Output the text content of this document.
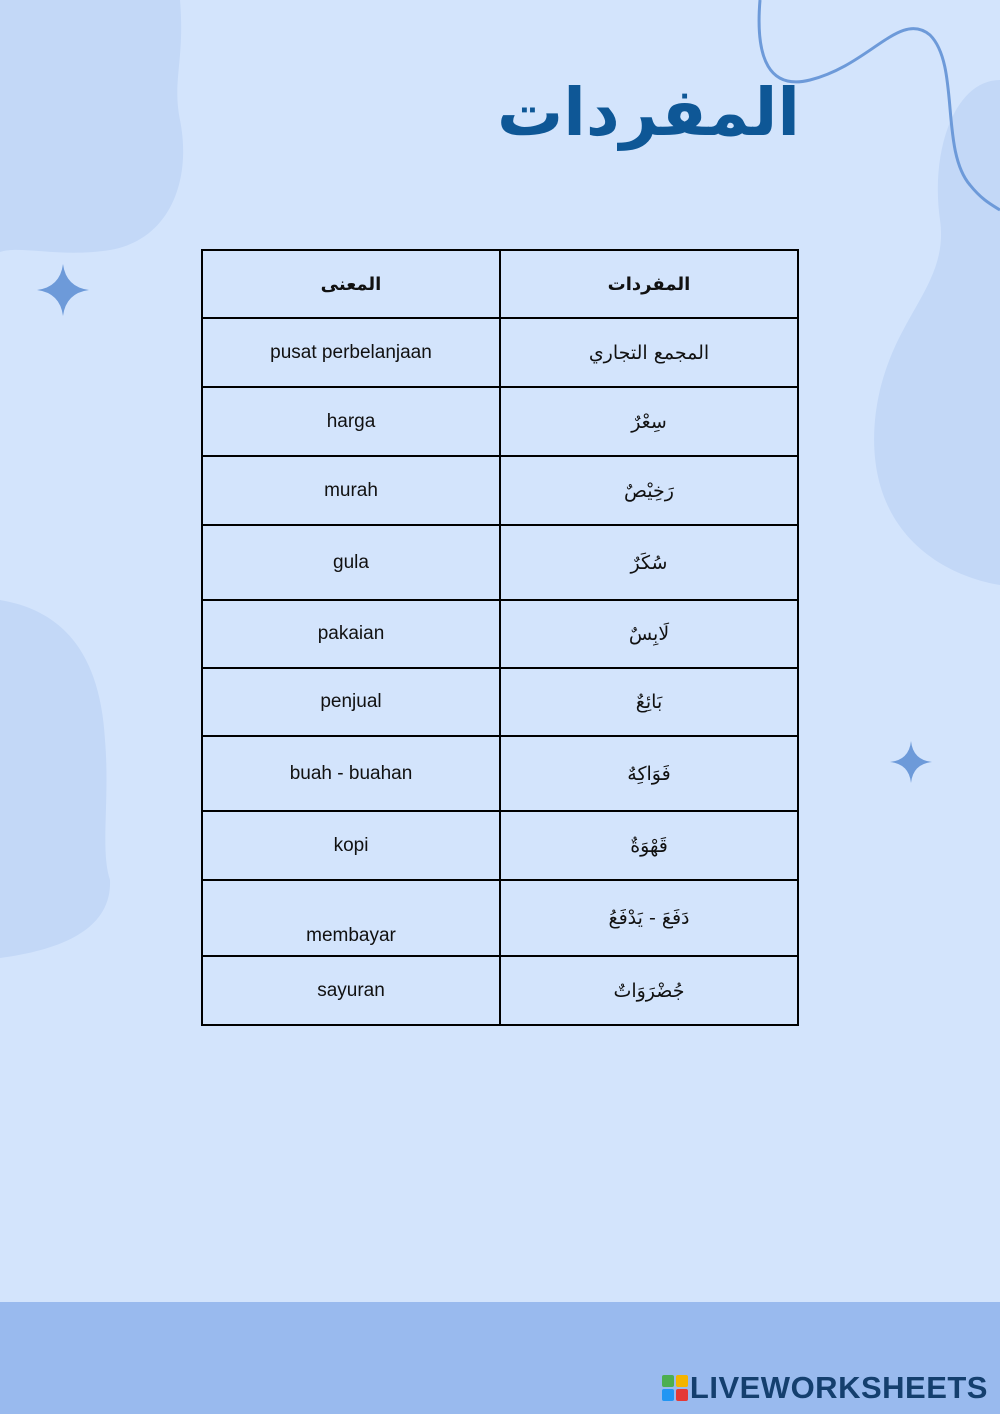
المفردات
المعنى	المفردات
pusat perbelanjaan	المجمع التجاري
harga	سِعْرٌ
murah	رَخِيْصٌ
gula	سُكَرٌ
pakaian	لَابِسٌ
penjual	بَائِعٌ
buah - buahan	فَوَاكِهٌ
kopi	قَهْوَةٌ
membayar	دَفَعَ - يَدْفَعُ
sayuran	جُضْرَوَاتٌ
LIVEWORKSHEETS
